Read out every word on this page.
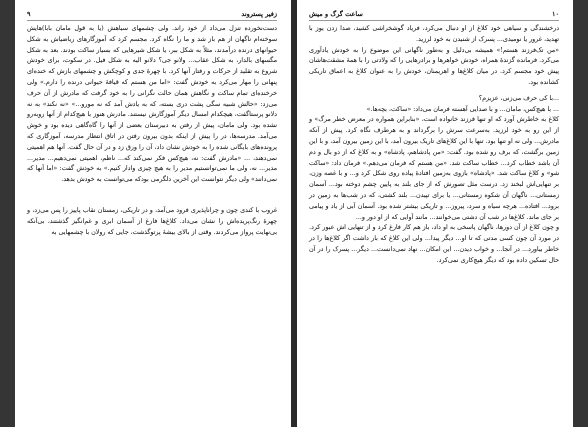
زفیر پستروند
۹

دست‌نخورده تنزل می‌داد از خود راند. ولی چشمهای سیاهش (یا به قول مامان بابا)‌هایش سوخته‌ام ناگهان از هم باز شد و ما را نگاه کرد. مجسم کرد که آموزگارهای ریاضیاش به شکل حیوانهای درنده درآمدند، مثلاً به شکل ببر، یا شکل شیرهایی که بسیار ساکت بودند. بعد به شکل مگسهای بالدار، به شکل عقاب... ولانو جی؟ دلانو الیه به شکل فیل. در سکوت، برای خودش شروع به تقلید از حرکات و رفتار آنها کرد. با چهرهٔ جدی و کوچکش و چشمهای بازش که خنده‌ای پنهانی را مهار می‌کرد به خودش گفت: «اما من هستم که قیافهٔ حیوانی درنده را دارم.» ولی خرخنده‌ای تمام ساکت و نگاهش همان حالت نگرانی را به خود گرفت که مادرش از آن حرف می‌زد: «حالش شبیه سگی پشت دری بسته، که به یادش آمد که نه مورو...» «نه نکند» به نه دلانو پرستاگفت، هیچکدام امسال دیگر آموزگارش نیستند. مادرش هنوز با هیچ‌کدام از آنها روبه‌رو نشده بود. ولی مامان، پیش از رفتن به دبیرستان بعضی از آنها را گاه‌گاهی دیده بود و خوش می‌آمد. مدرسه‌ها، در را پیش از اینکه بدون بیرون رفتن در اتاق انتظار مدرسه، آموزگاری که پرونده‌های بایگانی شده را به خودش نشان داد، آن را ورق زد و در آن حال گفت. آنها هم اهمیتی نمی‌دهند، ... «مادرش گفت: نه، هیچ‌کس فکر نمی‌کند که... ناظم، اهمیتی نمی‌دهیم... مدیر... مدیر... نه، ولی ما نمی‌توانستیم مدیر را به هیچ چیزی وادار کنیم.» به خودش گفت: «اما آنها که نمی‌دانند» ولی دیگر نتوانست این آخرین دلگرمی بودکه می‌توانست به خودش بدهد.

غروب با کندی چون و چراناپذیری فرود می‌آمد، و در تاریکی، زمستان نقاب پاییز را پس می‌زد، و چهرهٔ رنگ‌پریده‌اش را نشان می‌داد. کلاغ‌ها فارغ از آسمان ابری و غم‌انگیز گذشتند، بی‌آنکه بی‌نهایت پرواز می‌کردند. وقتی از بالای بیشهٔ پرتوگذشت، جایی که رولان با چشمهایی به

۱۰
ساعت گرگ و میش

درخشندگی و سیاهی خود کلاغ از او دنبال می‌کرد، فریاد گوشخراشی کشید، صدا زدن یوز با تهدید، غرور یا نومیدی... پسرک از شنیدن به خود لرزید.

«من تک‌فرزند هستم!» همیشه بی‌دلیل و به‌طور ناگهانی این موضوع را به خودش یادآوری می‌کرد. فرمانده گزندهٔ همراه، خودش خواهرها و برادرهایی را که ولادتی را با همهٔ مشقت‌ها‌شان پیش خود مجسم کرد. در میان کلاغ‌ها و اهریمنان، خودش را به‌ عنوان کلاغ به اعماق تاریکی کشانده بود.

...با کی حرف می‌زنی، عزیزم؟

... با هیچ‌کس، مامان... و با صدایی آهسته فرمان می‌داد: «ساکت، بچه‌ها.»

کلاغ به خاطرش آورد که او تنها فرزند خانواده است، «بنابراین همواره در معرض خطر مرگ» و از این رو به خود لرزید. به‌سرعت سرش را برگرداند و به هرطرف نگاه کرد. پیش از آنکه مادرش... ولی نه او تنها بود. تنها با این کلاغ‌های تاریک بیرون آمد، با این زمین بیرون آمد، و با این زمین برگشت، که برف رو شده بود. گفت: «من پادشاهم، پادشاه» و به کلاغ که از دو بال و دم آن باشد خطاب کرد... خطاب ساکت شد. «من هستم که فرمان می‌دهم.» فرمان داد: «ساکت شو» و کلاغ ساکت شد. «پادشاه» بازوی به‌زمین افتادهٔ پیاده روی شکل کرد و... و با غصه وزن، بر تنهایی‌اش لبخند زد. درست مثل تصورش که از جای بلند به پایین چشم دوخته بود... آسمان زمستانی... ناگهان آن شکوه زمستانی... یا برای تپیدن... بلند کشتی، که در شب‌ها به زمین در برود... افتاده... هرچه سیاه و سرد، پیروز... و تاریکی بیشتر شده بود. آسمان آبی از یاد و پیامی بر جای ماند. کلاغ‌ها در شب آن دشتی می‌خوانند... مانند آوایی که از او دور و...

و چون کلاغ از آن دورها، ناگهان پاسخی به او داد، باز هم کار فارغ کرد و از تنهایی اش عبور کرد. در مورد آن چون کسی مدتی که تا او... دیگر پیدا... ولی این کلاغ که بار داشت اگر کلاغ‌ها را در خاطر بیاورد... در آنجا... و خواب دیدن... این امکان... نهاد نمی‌دانست... دیگر... پسرک را در آن حال تسکین داده بود که دیگر هیچ‌کاری نمی‌کرد.
